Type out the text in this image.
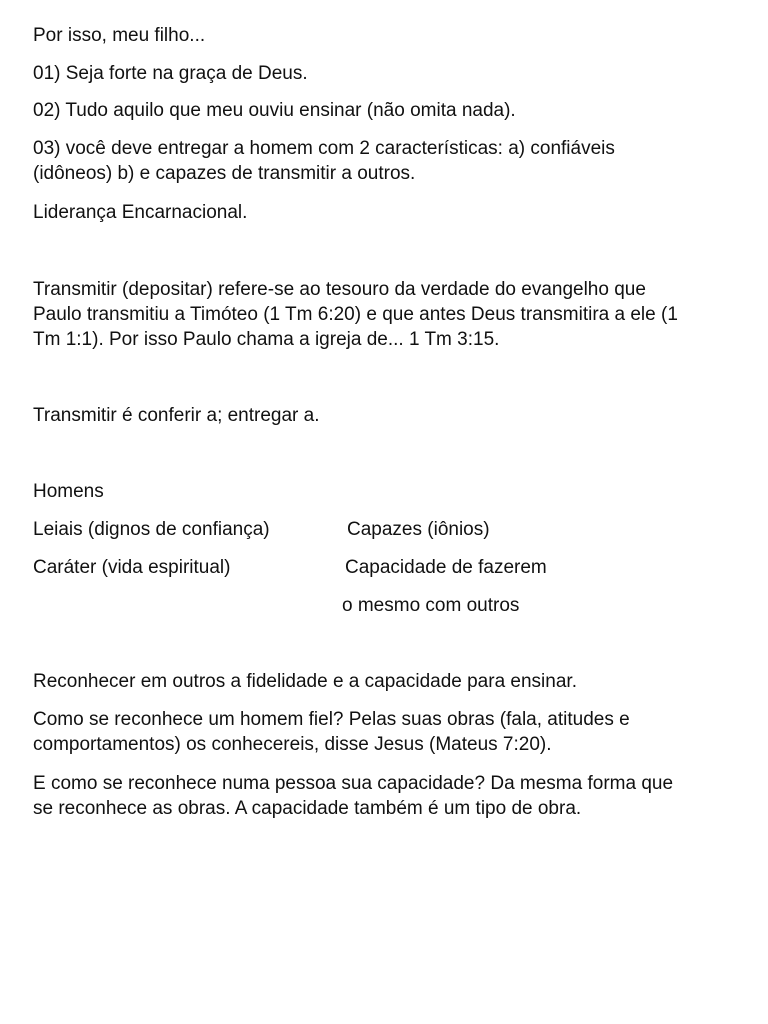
Por isso, meu filho...
01) Seja forte na graça de Deus.
02) Tudo aquilo que meu ouviu ensinar (não omita nada).
03) você deve entregar a homem com 2 características: a) confiáveis
(idôneos) b) e capazes de transmitir a outros.
Liderança Encarnacional.
Transmitir (depositar) refere-se ao tesouro da verdade do evangelho que
Paulo transmitiu a Timóteo (1 Tm 6:20) e que antes Deus transmitira a ele (1
Tm 1:1). Por isso Paulo chama a igreja de... 1 Tm 3:15.
Transmitir é conferir a; entregar a.
Homens
Leiais (dignos de confiança)	Capazes (iônios)
Caráter (vida espiritual)	Capacidade de fazerem
o mesmo com outros
Reconhecer em outros a fidelidade e a capacidade para ensinar.
Como se reconhece um homem fiel? Pelas suas obras (fala, atitudes e
comportamentos) os conhecereis, disse Jesus (Mateus 7:20).
E como se reconhece numa pessoa sua capacidade? Da mesma forma que
se reconhece as obras. A capacidade também é um tipo de obra.
